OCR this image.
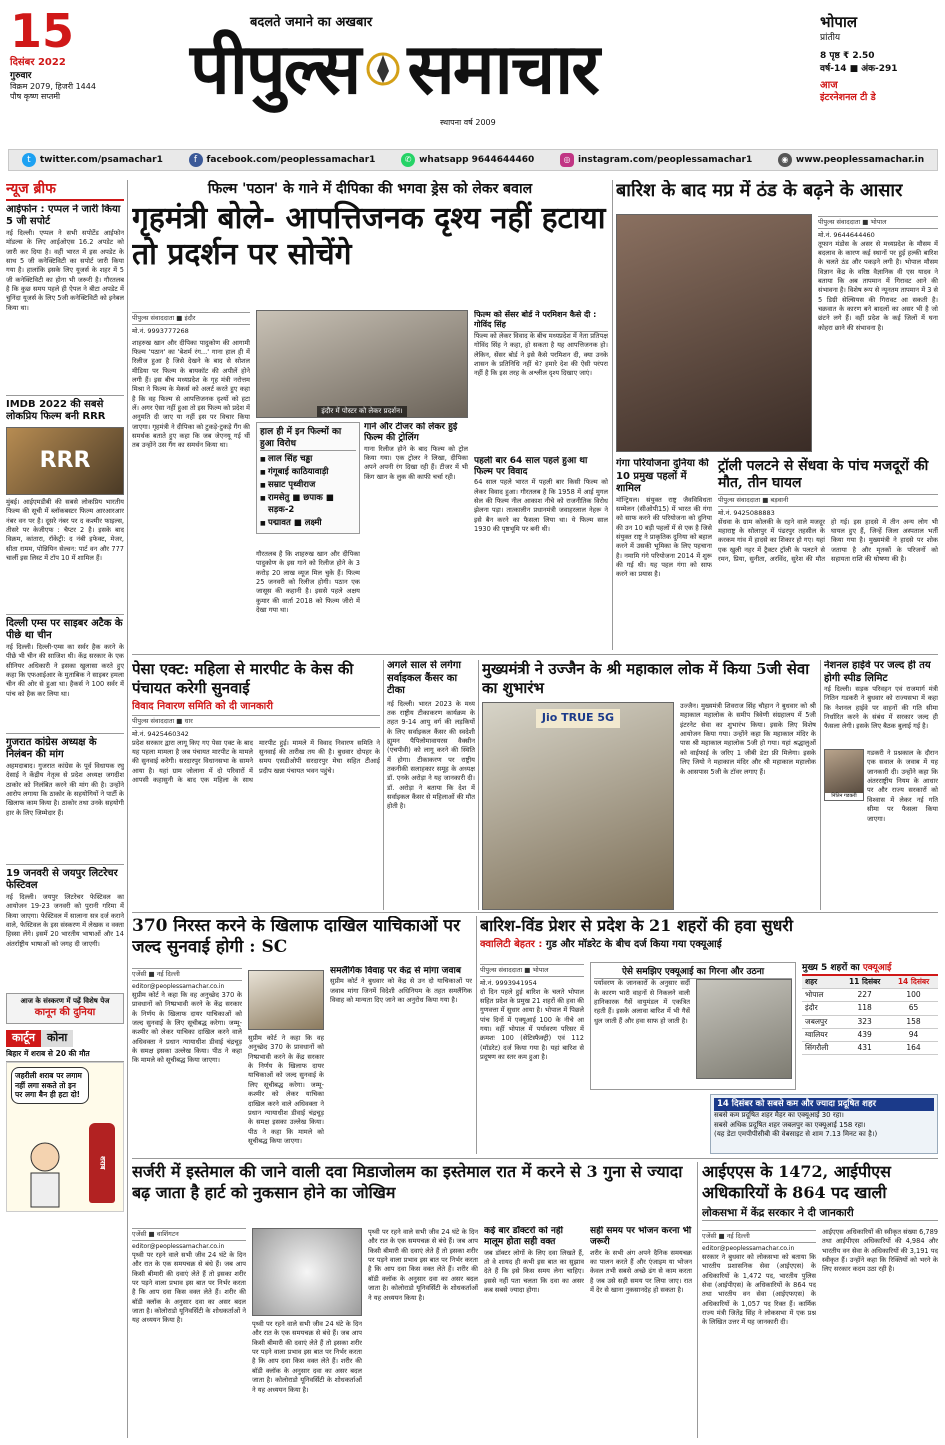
15
दिसंबर 2022
गुरुवार
विक्रम 2079, हिजरी 1444
पौष कृष्ण सप्तमी
बदलते जमाने का अखबार
पीपुल्स समाचार
स्थापना वर्ष 2009
भोपाल
प्रांतीय
8 पृष्ठ ₹ 2.50
वर्ष-14 ■ अंक-291
आज
इंटरनेशनल टी डे
t	twitter.com/psamachar1	f	facebook.com/peoplessamachar1	✆ whatsapp 9644644460	◎ instagram.com/peoplessamachar1	◉ www.peoplessamachar.in
न्यूज ब्रीफ
आईफोन : एप्पल ने जारी किया 5 जी सपोर्ट
नई दिल्ली। एप्पल ने सभी सपोर्टेड आईफोन मॉडल्स के लिए आईओएस 16.2 अपडेट को जारी कर दिया है। वहीं भारत में इस अपडेट के साथ 5 जी कनेक्टिविटी का सपोर्ट जारी किया गया है। हालांकि इसके लिए यूजर्स के शहर में 5 जी कनेक्टिविटी का होना भी जरूरी है। गौरतलब है कि कुछ समय पहले ही ऐपल ने बीटा अपडेट में चुनिंदा यूजर्स के लिए 5जी कनेक्टिविटी को इनेबल किया था।
IMDB 2022 की सबसे लोकप्रिय फिल्म बनी RRR
RRR
मुंबई। आईएमडीबी की सबसे लोकप्रिय भारतीय फिल्म की सूची में ब्लॉकबस्टर फिल्म आरआरआर नंबर वन पर है। दूसरे नंबर पर द कश्मीर फाइल्स, तीसरे पर केजीएफ : चैप्टर 2 है। इसके बाद विक्रम, कांतारा, रॉकेट्री: द नंबी इफेक्ट, मेजर, सीता रामम, पोन्नियिन सेल्वन: पार्ट वन और 777 चार्ली इस लिस्ट में टॉप 10 में शामिल हैं।
दिल्ली एम्स पर साइबर अटैक के पीछे था चीन
नई दिल्ली। दिल्ली-एम्स का सर्वर हैक करने के पीछे भी चीन की साजिश थी। केंद्र सरकार के एक सीनियर अधिकारी ने इसका खुलासा करते हुए कहा कि एफआईआर के मुताबिक ने साइबर हमला चीन की ओर से हुआ था। हैकर्स ने 100 सर्वर में पांच को हैक कर लिया था।
गुजरात कांग्रेस अध्यक्ष के निलंबन की मांग
अहमदाबाद। गुजरात कांग्रेस के पूर्व विधायक रघु देसाई ने केंद्रीय नेतृत्व से प्रदेश अध्यक्ष जगदीश ठाकोर को निलंबित करने की मांग की है। उन्होंने आरोप लगाया कि ठाकोर के सहयोगियों ने पार्टी के खिलाफ काम किया है। ठाकोर तथा उनके सहयोगी हार के लिए जिम्मेदार हैं।
19 जनवरी से जयपुर लिटरेचर फेस्टिवल
नई दिल्ली। जयपुर लिटरेचर फेस्टिवल का आयोजन 19-23 जनवरी को पुरानी गरिमा में किया जाएगा। फेस्टिवल में सालाना सत्र दर्ज कराने वाले, फेस्टिवल के इस संस्करण में लेखक व वक्ता हिस्सा लेंगे। इसमें 20 भारतीय भाषाओं और 14 अंतर्राष्ट्रीय भाषाओं को जगह दी जाएगी।
आज के संस्करण में पढ़ें विशेष पेज
कानून की दुनिया
कार्टून	कोना
बिहार में शराब से 20 की मौत
जहरीली शराब पर लगाम नहीं लगा सकते तो इन पर लगा बैन ही हटा दो!
शराब
फिल्म 'पठान' के गाने में दीपिका की भगवा ड्रेस को लेकर बवाल
गृहमंत्री बोले- आपत्तिजनक दृश्य नहीं हटाया तो प्रदर्शन पर सोचेंगे
पीपुल्स संवाददाता ■ इंदौर
मो.नं. 9993777268
शाहरुख खान और दीपिका पादुकोण की आगामी फिल्म 'पठान' का 'बेशर्म रंग...' गाना हाल ही में रिलीज हुआ है जिसे देखने के बाद से सोशल मीडिया पर फिल्म के बायकॉट की अपीलें होने लगी हैं। इस बीच मध्यप्रदेश के गृह मंत्री नरोत्तम मिश्रा ने फिल्म के मेकर्स को अलर्ट करते हुए कहा है कि वह फिल्म से आपत्तिजनक दृश्यों को हटा लें। अगर ऐसा नहीं हुआ तो इस फिल्म को प्रदेश में अनुमति दी जाए या नहीं इस पर विचार किया जाएगा। गृहमंत्री ने दीपिका को टुकड़े-टुकड़े गैंग की समर्थक बताते हुए कहा कि जब जेएनयू गई थीं तब उन्होंने उस गैंग का समर्थन किया था।
इंदौर में पोस्टर को लेकर प्रदर्शन।
हाल ही में इन फिल्मों का हुआ विरोध
■ लाल सिंह चड्ढा
■ गंगूबाई काठियावाड़ी
■ सम्राट पृथ्वीराज
■ रामसेतु ■ छपाक ■ सड़क-2
■ पद्मावत ■ लक्ष्मी
गौरतलब है कि शाहरुख खान और दीपिका पादुकोण के इस गाने को रिलीज होने के 3 करोड़ 20 लाख व्यूज मिल चुके हैं। फिल्म 25 जनवरी को रिलीज होगी। पठान एक जासूस की कहानी है। इससे पहले अक्षय कुमार की वार्ता 2018 को फिल्म जीरो में देखा गया था।
गाने और टीजर को लेकर हुई फिल्म की ट्रोलिंग
गाना रिलीज होने के बाद फिल्म को ट्रोल किया गया। एक ट्रोलर ने लिखा, दीपिका अपने अपनी रंग दिखा रही हैं। टीजर में भी किंग खान के लुक की काफी चर्चा रही।
फिल्म को सेंसर बोर्ड ने परमिशन कैसे दी : गोविंद सिंह
फिल्म को लेकर विवाद के बीच मध्यप्रदेश में नेता प्रतिपक्ष गोविंद सिंह ने कहा, हो सकता है यह आपत्तिजनक हो। लेकिन, सेंसर बोर्ड ने इसे कैसे परमिशन दी, क्या उनके शासन के प्रतिनिधि नहीं थे? हमारे देश की ऐसी परंपरा नहीं है कि इस तरह के अश्लील दृश्य दिखाए जाएं।
पहली बार 64 साल पहले हुआ था फिल्म पर विवाद
64 साल पहले भारत में पहली बार किसी फिल्म को लेकर विवाद हुआ। गौरतलब है कि 1958 में आई मुगल सेल की फिल्म नील आकाश नीचे को राजनीतिक विरोध झेलना पड़ा। तात्कालीन प्रधानमंत्री जवाहरलाल नेहरू ने इसे बैन करने का फैसला लिया था। ये फिल्म साल 1930 की पृष्ठभूमि पर बनी थी।
बारिश के बाद मप्र में ठंड के बढ़ने के आसार
पीपुल्स संवाददाता ■ भोपाल
मो.नं. 9644644460
तूफान मंडोस के असर से मध्यप्रदेश के मौसम में बदलाव के कारण कई स्थानों पर हुई हल्की बारिश के चलते ठंड और पकड़ने लगी है। भोपाल मौसम विज्ञान केंद्र के वरिष्ठ वैज्ञानिक वी एस यादव ने बताया कि अब तापमान में गिरावट आने की संभावना है। विशेष रूप से न्यूनतम तापमान में 3 से 5 डिग्री सेल्सियस की गिरावट आ सकती है। चक्रवात के कारण बने बादलों का असर भी है जो छंटने लगे हैं। वहीं प्रदेश के कई जिलों में घना कोहरा छाने की संभावना है।
गंगा परियोजना दुनिया की 10 प्रमुख पहलों में शामिल
मॉन्ट्रियल। संयुक्त राष्ट्र जैवविविधता सम्मेलन (सीओपी15) में भारत की गंगा को साफ करने की परियोजना को दुनिया की उन 10 बड़ी पहलों में से एक है जिसे संयुक्त राष्ट्र ने प्राकृतिक दुनिया को बहाल करने में उसकी भूमिका के लिए पहचाना है। नमामि गंगे परियोजना 2014 में शुरू की गई थी। यह पहल गंगा को साफ करने का प्रयास है।
ट्रॉली पलटने से सेंधवा के पांच मजदूरों की मौत, तीन घायल
पीपुल्स संवाददाता ■ बड़वानी
मो.नं. 9425088883
सेंधवा के ग्राम कोलकी के रहने वाले मजदूर महाराष्ट्र के सोलापुर में पंढरपुर तहसील के करकम गांव में हादसे का शिकार हो गए। यहां एक खुली नहर में ट्रैक्टर ट्रॉली के पलटने से रमन, प्रिया, सुनीता, अरविंद, सुरेश की मौत हो गई। इस हादसे में तीन अन्य लोग भी घायल हुए हैं, जिन्हें जिला अस्पताल भर्ती किया गया है। मुख्यमंत्री ने हादसे पर शोक जताया है और मृतकों के परिजनों को सहायता राशि की घोषणा की है।
पेसा एक्ट: महिला से मारपीट के केस की पंचायत करेगी सुनवाई
विवाद निवारण समिति को दी जानकारी
पीपुल्स संवाददाता ■ धार
मो.नं. 9425460342
प्रदेश सरकार द्वारा लागू किए गए पेसा एक्ट के बाद यह पहला मामला है जब पंचायत मारपीट के मामले की सुनवाई करेगी। सरदारपुर विधानसभा के सामने आया है। यहां ग्राम जोलाना में दो परिवारों में आपसी कहासुनी के बाद एक महिला के साथ मारपीट हुई। मामले में विवाद निवारण समिति ने सुनवाई की तारीख तय की है। बुधवार दोपहर के समय एसडीओपी सरदारपुर मेघा सहित टीआई प्रदीप खन्ना पंचायत भवन पहुंचे।
अगले साल से लगेगा सर्वाइकल कैंसर का टीका
नई दिल्ली। भारत 2023 के मध्य तक राष्ट्रीय टीकाकरण कार्यक्रम के तहत 9-14 आयु वर्ग की लड़कियों के लिए सर्वाइकल कैंसर की स्वदेशी ह्यूमन पैपिलोमावायरस वैक्सीन (एचपीवी) को लागू करने की स्थिति में होगा। टीकाकरण पर राष्ट्रीय तकनीकी सलाहकार समूह के अध्यक्ष डॉ. एनके अरोड़ा ने यह जानकारी दी। डॉ. अरोड़ा ने बताया कि देश में सर्वाइकल कैंसर से महिलाओं की मौत होती है।
मुख्यमंत्री ने उज्जैन के श्री महाकाल लोक में किया 5जी सेवा का शुभारंभ
Jio TRUE 5G
उज्जैन। मुख्यमंत्री शिवराज सिंह चौहान ने बुधवार को श्री महाकाल महालोक के समीप त्रिवेणी संग्रहालय में 5जी इंटरनेट सेवा का शुभारंभ किया। इसके लिए विशेष आयोजन किया गया। उन्होंने कहा कि महाकाल मंदिर के पास श्री महाकाल महालोक 5जी हो गया। यहां श्रद्धालुओं को वाईफाई के जरिए 1 जीबी डेटा फ्री मिलेगा। इसके लिए जियो ने महाकाल मंदिर और श्री महाकाल महालोक के आसपास 5जी के टॉवर लगाए हैं।
नेशनल हाईवे पर जल्द ही तय होगी स्पीड लिमिट
नई दिल्ली। सड़क परिवहन एवं राजमार्ग मंत्री नितिन गडकरी ने बुधवार को राज्यसभा में कहा कि नेशनल हाईवे पर वाहनों की गति सीमा निर्धारित करने के संबंध में सरकार जल्द ही फैसला लेगी। इसके लिए बैठक बुलाई गई है।
नितिन गडकरी
गडकरी ने प्रश्नकाल के दौरान एक सवाल के जवाब में यह जानकारी दी। उन्होंने कहा कि अंतरराष्ट्रीय नियम के आधार पर और राज्य सरकारों को विश्वास में लेकर नई गति सीमा पर फैसला किया जाएगा।
370 निरस्त करने के खिलाफ दाखिल याचिकाओं पर जल्द सुनवाई होगी : SC
एजेंसी ■ नई दिल्ली
editor@peoplessamachar.co.in
सुप्रीम कोर्ट ने कहा कि वह अनुच्छेद 370 के प्रावधानों को निष्प्रभावी करने के केंद्र सरकार के निर्णय के खिलाफ दायर याचिकाओं को जल्द सुनवाई के लिए सूचीबद्ध करेगा। जम्मू-कश्मीर को लेकर याचिका दाखिल करने वाले अधिवक्ता ने प्रधान न्यायाधीश डीवाई चंद्रचूड़ के समक्ष इसका उल्लेख किया। पीठ ने कहा कि मामले को सूचीबद्ध किया जाएगा।
सुप्रीम कोर्ट ने कहा कि वह अनुच्छेद 370 के प्रावधानों को निष्प्रभावी करने के केंद्र सरकार के निर्णय के खिलाफ दायर याचिकाओं को जल्द सुनवाई के लिए सूचीबद्ध करेगा। जम्मू-कश्मीर को लेकर याचिका दाखिल करने वाले अधिवक्ता ने प्रधान न्यायाधीश डीवाई चंद्रचूड़ के समक्ष इसका उल्लेख किया। पीठ ने कहा कि मामले को सूचीबद्ध किया जाएगा।
समलैंगिक विवाह पर केंद्र से मांगा जवाब
सुप्रीम कोर्ट ने बुधवार को केंद्र से उन दो याचिकाओं पर जवाब मांगा जिनमें विदेशी अधिनियम के तहत समलैंगिक विवाह को मान्यता दिए जाने का अनुरोध किया गया है।
बारिश-विंड प्रेशर से प्रदेश के 21 शहरों की हवा सुधरी
क्वालिटी बेहतर : गुड और मॉडरेट के बीच दर्ज किया गया एक्यूआई
पीपुल्स संवाददाता ■ भोपाल
मो.नं. 9993941954
दो दिन पहले हुई बारिश के चलते भोपाल सहित प्रदेश के प्रमुख 21 शहरों की हवा की गुणवत्ता में सुधार आया है। भोपाल में पिछले पांच दिनों में एक्यूआई 100 के नीचे आ गया। वहीं भोपाल में पर्यावरण परिसर में क्रमशः 100 (सेटिस्फैक्ट्री) एवं 112 (मॉडरेट) दर्ज किया गया है। यहां बारिश से प्रदूषण का स्तर कम हुआ है।
ऐसे समझिए एक्यूआई का गिरना और उठना
पर्यावरण के जानकारों के अनुसार सर्दी के कारण भारी वाहनों से निकलने वाली हानिकारक गैसें वायुमंडल में एकत्रित रहती हैं। इसके अलावा बारिश में भी गैसें धुल जाती हैं और हवा साफ हो जाती है।
मुख्य 5 शहरों का एक्यूआई
शहर	11 दिसंबर	14 दिसंबर
भोपाल	227	100
इंदौर	118	65
जबलपुर	323	158
ग्वालियर	439	94
सिंगरौली	431	164
14 दिसंबर को सबसे कम और ज्यादा प्रदूषित शहर
सबसे कम प्रदूषित शहर मैहर का एक्यूआई 30 रहा।
सबसे अधिक प्रदूषित शहर जबलपुर का एक्यूआई 158 रहा।
(यह डेटा एमपीपीसीबी की वेबसाइट से शाम 7.13 मिनट का है।)
सर्जरी में इस्तेमाल की जाने वाली दवा मिडाजोलम का इस्तेमाल रात में करने से 3 गुना से ज्यादा बढ़ जाता है हार्ट को नुकसान होने का जोखिम
एजेंसी ■ वाशिंगटन
editor@peoplessamachar.co.in
पृथ्वी पर रहने वाले सभी जीव 24 घंटे के दिन और रात के एक समयचक्र से बंधे हैं। जब आप किसी बीमारी की दवाएं लेते हैं तो इसका शरीर पर पड़ने वाला प्रभाव इस बात पर निर्भर करता है कि आप दवा किस वक्त लेते हैं। शरीर की बॉडी क्लॉक के अनुसार दवा का असर बदल जाता है। कोलोराडो यूनिवर्सिटी के शोधकर्ताओं ने यह अध्ययन किया है।	पृथ्वी पर रहने वाले सभी जीव 24 घंटे के दिन और रात के एक समयचक्र से बंधे हैं। जब आप किसी बीमारी की दवाएं लेते हैं तो इसका शरीर पर पड़ने वाला प्रभाव इस बात पर निर्भर करता है कि आप दवा किस वक्त लेते हैं। शरीर की बॉडी क्लॉक के अनुसार दवा का असर बदल जाता है। कोलोराडो यूनिवर्सिटी के शोधकर्ताओं ने यह अध्ययन किया है।
पृथ्वी पर रहने वाले सभी जीव 24 घंटे के दिन और रात के एक समयचक्र से बंधे हैं। जब आप किसी बीमारी की दवाएं लेते हैं तो इसका शरीर पर पड़ने वाला प्रभाव इस बात पर निर्भर करता है कि आप दवा किस वक्त लेते हैं। शरीर की बॉडी क्लॉक के अनुसार दवा का असर बदल जाता है। कोलोराडो यूनिवर्सिटी के शोधकर्ताओं ने यह अध्ययन किया है।
कई बार डॉक्टरों को नहीं मालूम होता सही वक्त
जब डॉक्टर लोगों के लिए दवा लिखते हैं, तो वे शायद ही कभी इस बात का सुझाव देते हैं कि इसे किस समय लेना चाहिए। इससे नहीं पता चलता कि दवा का असर कब सबसे ज्यादा होगा।
सही समय पर भोजन करना भी जरूरी
शरीर के सभी अंग अपने दैनिक समयचक्र का पालन करते हैं और एंजाइम या भोजन केवल तभी सबसे अच्छे ढंग से काम करता है जब उसे सही समय पर लिया जाए। रात में देर से खाना नुकसानदेह हो सकता है।
आईएएस के 1472, आईपीएस अधिकारियों के 864 पद खाली
लोकसभा में केंद्र सरकार ने दी जानकारी
एजेंसी ■ नई दिल्ली
editor@peoplessamachar.co.in
सरकार ने बुधवार को लोकसभा को बताया कि भारतीय प्रशासनिक सेवा (आईएएस) के अधिकारियों के 1,472 पद, भारतीय पुलिस सेवा (आईपीएस) के अधिकारियों के 864 पद तथा भारतीय वन सेवा (आईएफएस) के अधिकारियों के 1,057 पद रिक्त हैं। कार्मिक राज्य मंत्री जितेंद्र सिंह ने लोकसभा में एक प्रश्न के लिखित उत्तर में यह जानकारी दी।
आईएएस अधिकारियों की स्वीकृत संख्या 6,789 तथा आईपीएस अधिकारियों की 4,984 और भारतीय वन सेवा के अधिकारियों की 3,191 पद स्वीकृत हैं। उन्होंने कहा कि रिक्तियों को भरने के लिए सरकार कदम उठा रही है।
